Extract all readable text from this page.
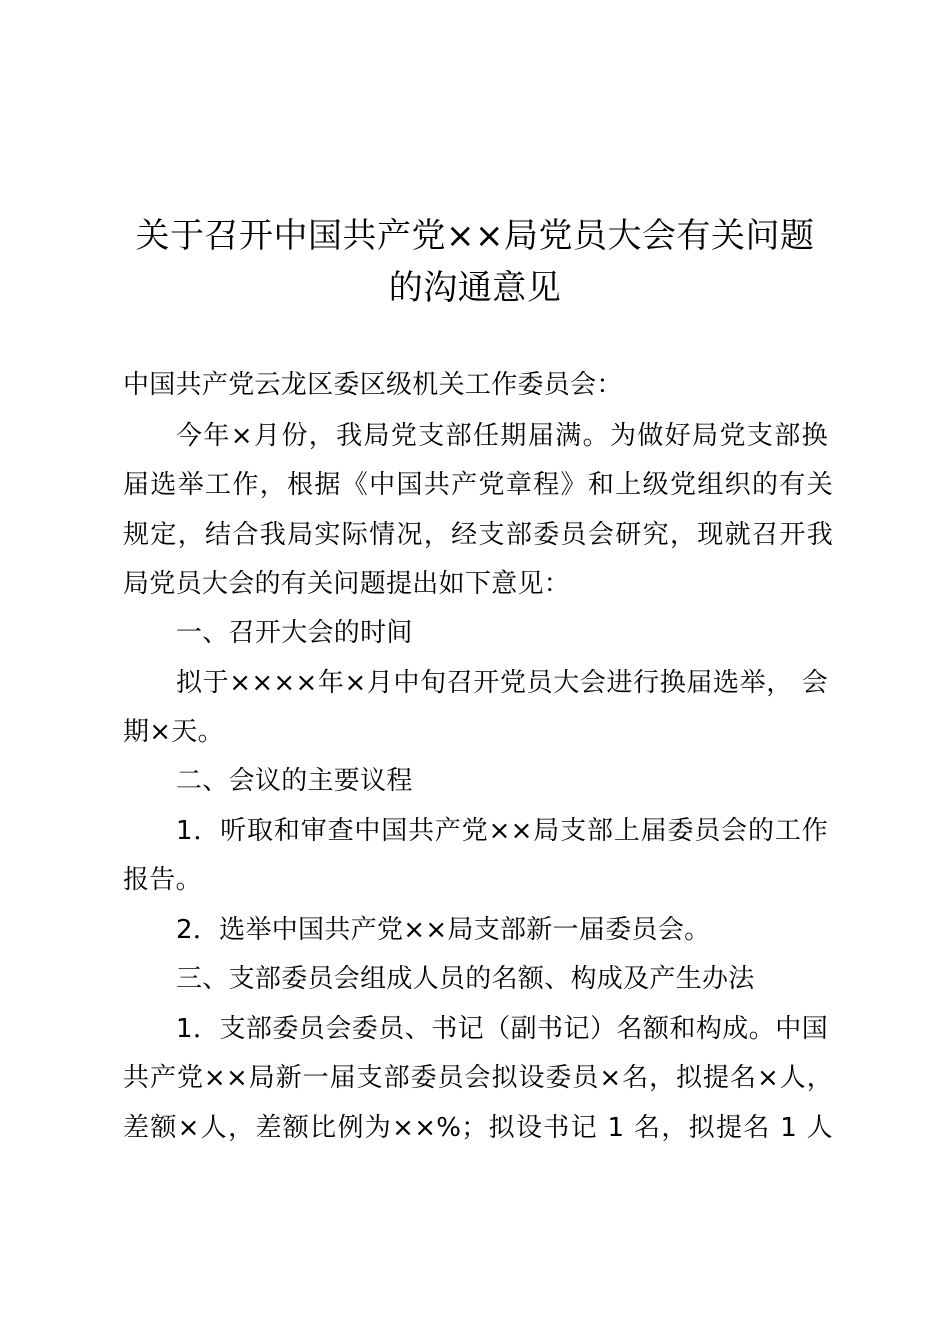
关于召开中国共产党××局党员大会有关问题
的沟通意见
中国共产党云龙区委区级机关工作委员会：
今年×月份，我局党支部任期届满。为做好局党支部换
届选举工作，根据《中国共产党章程》和上级党组织的有关
规定，结合我局实际情况，经支部委员会研究，现就召开我
局党员大会的有关问题提出如下意见：
一、召开大会的时间
拟于××××年×月中旬召开党员大会进行换届选举， 会
期×天。
二、会议的主要议程
1．听取和审查中国共产党××局支部上届委员会的工作
报告。
2．选举中国共产党××局支部新一届委员会。
三、支部委员会组成人员的名额、构成及产生办法
1．支部委员会委员、书记（副书记）名额和构成。中国
共产党××局新一届支部委员会拟设委员×名，拟提名×人，
差额×人，差额比例为××%；拟设书记 1 名，拟提名 1 人
